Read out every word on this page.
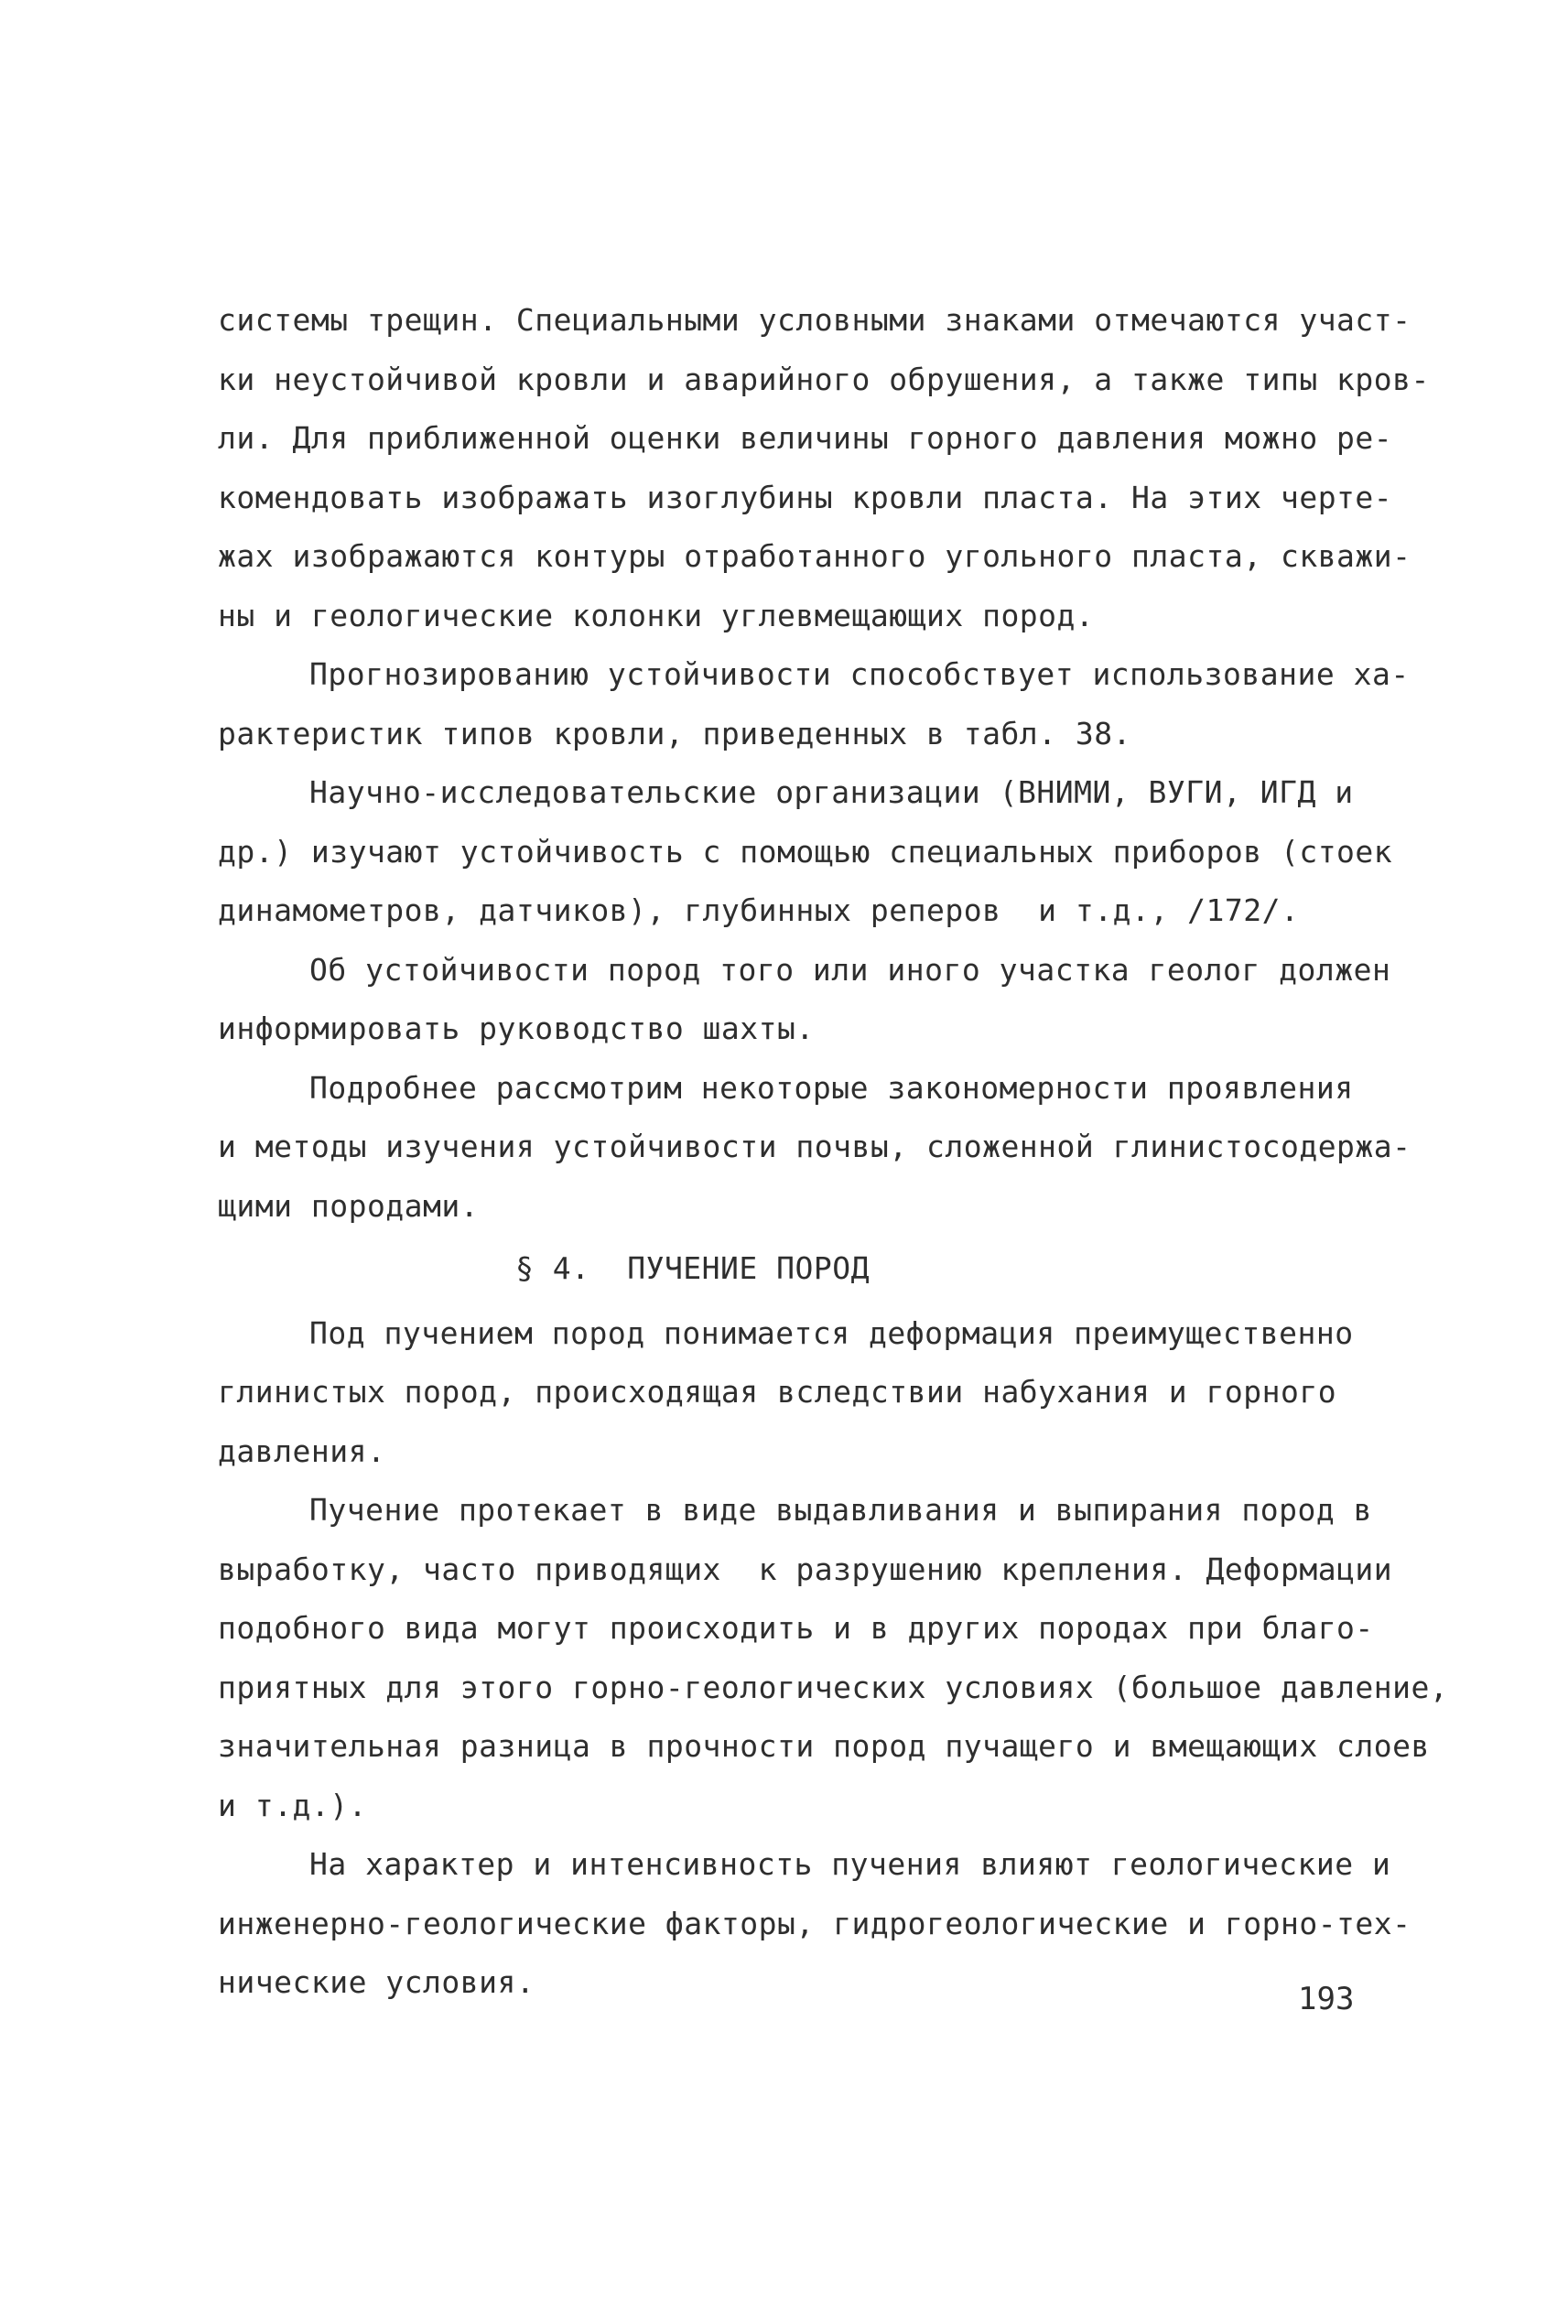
системы трещин. Специальными условными знаками отмечаются участ-
ки неустойчивой кровли и аварийного обрушения, а также типы кров-
ли. Для приближенной оценки величины горного давления можно ре-
комендовать изображать изоглубины кровли пласта. На этих черте-
жах изображаются контуры отработанного угольного пласта, скважи-
ны и геологические колонки углевмещающих пород.
Прогнозированию устойчивости способствует использование ха-
рактеристик типов кровли, приведенных в табл. 38.
Научно-исследовательские организации (ВНИМИ, ВУГИ, ИГД и
др.) изучают устойчивость с помощью специальных приборов (стоек
динамометров, датчиков), глубинных реперов  и т.д., /172/.
Об устойчивости пород того или иного участка геолог должен
информировать руководство шахты.
Подробнее рассмотрим некоторые закономерности проявления
и методы изучения устойчивости почвы, сложенной глинистосодержа-
щими породами.
§ 4.  ПУЧЕНИЕ ПОРОД
Под пучением пород понимается деформация преимущественно
глинистых пород, происходящая вследствии набухания и горного
давления.
Пучение протекает в виде выдавливания и выпирания пород в
выработку, часто приводящих  к разрушению крепления. Деформации
подобного вида могут происходить и в других породах при благо-
приятных для этого горно-геологических условиях (большое давление,
значительная разница в прочности пород пучащего и вмещающих слоев
и т.д.).
На характер и интенсивность пучения влияют геологические и
инженерно-геологические факторы, гидрогеологические и горно-тех-
нические условия.	193
